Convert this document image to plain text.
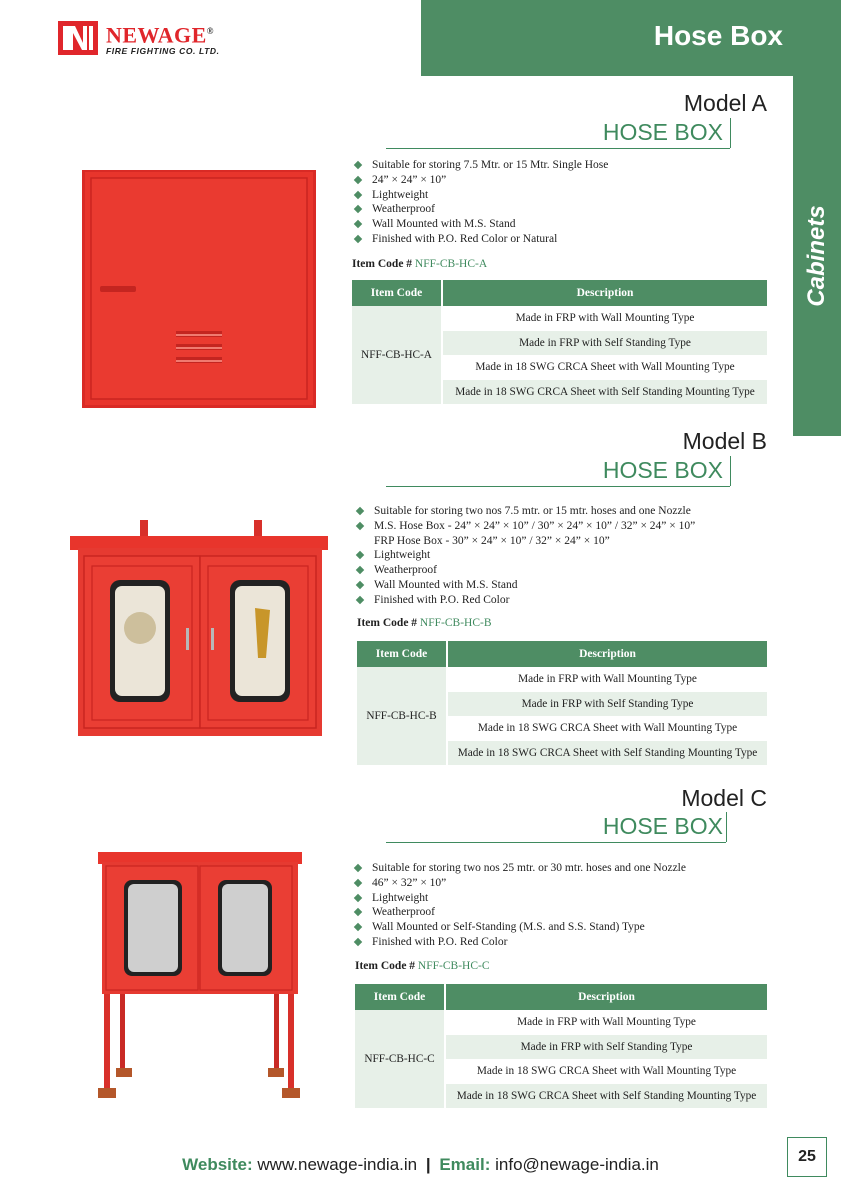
NEWAGE®
FIRE FIGHTING CO. LTD.
Hose Box
Cabinets
Model A
HOSE BOX
Suitable for storing 7.5 Mtr. or 15 Mtr. Single Hose
24” × 24” × 10”
Lightweight
Weatherproof
Wall Mounted with M.S. Stand
Finished with P.O. Red Color or Natural
Item Code # NFF-CB-HC-A
Item Code	Description
NFF-CB-HC-A	Made in FRP with Wall Mounting Type
	Made in FRP with Self Standing Type
	Made in 18 SWG CRCA Sheet with Wall Mounting Type
	Made in 18 SWG CRCA Sheet with Self Standing Mounting Type
Model B
HOSE BOX
Suitable for storing two nos 7.5 mtr. or 15 mtr. hoses and one Nozzle
M.S. Hose Box - 24” × 24” × 10” / 30” × 24” × 10” / 32” × 24” × 10”
FRP Hose Box - 30” × 24” × 10” / 32” × 24” × 10”
Lightweight
Weatherproof
Wall Mounted with M.S. Stand
Finished with P.O. Red Color
Item Code # NFF-CB-HC-B
Item Code	Description
NFF-CB-HC-B	Made in FRP with Wall Mounting Type
	Made in FRP with Self Standing Type
	Made in 18 SWG CRCA Sheet with Wall Mounting Type
	Made in 18 SWG CRCA Sheet with Self Standing Mounting Type
Model C
HOSE BOX
Suitable for storing two nos 25 mtr. or 30 mtr. hoses and one Nozzle
46” × 32” × 10”
Lightweight
Weatherproof
Wall Mounted or Self-Standing (M.S. and S.S. Stand) Type
Finished with P.O. Red Color
Item Code # NFF-CB-HC-C
Item Code	Description
NFF-CB-HC-C	Made in FRP with Wall Mounting Type
	Made in FRP with Self Standing Type
	Made in 18 SWG CRCA Sheet with Wall Mounting Type
	Made in 18 SWG CRCA Sheet with Self Standing Mounting Type
Website: www.newage-india.in | Email: info@newage-india.in	25
